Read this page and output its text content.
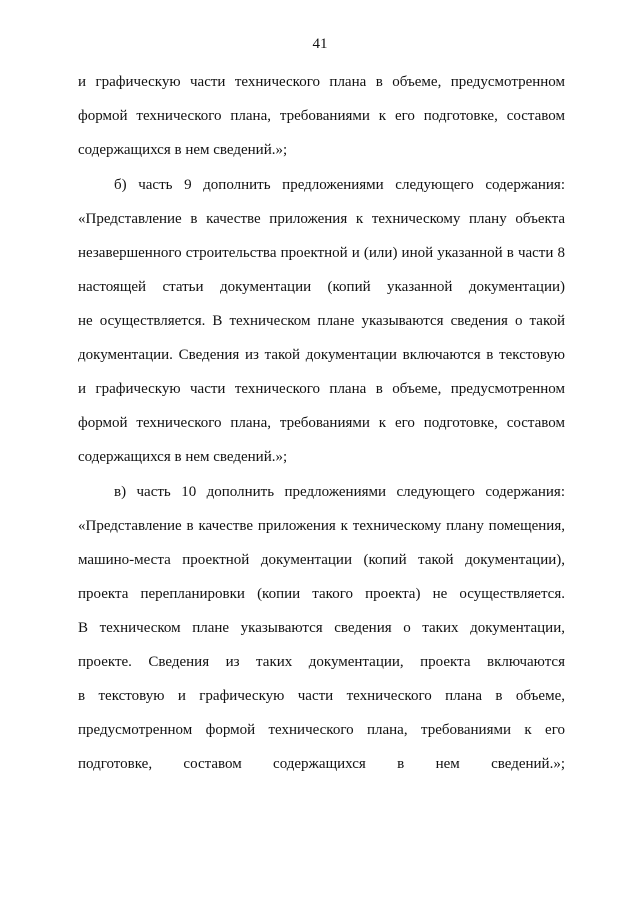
41
и графическую части технического плана в объеме, предусмотренном
формой технического плана, требованиями к его подготовке, составом
содержащихся в нем сведений.»;
б) часть 9 дополнить предложениями следующего содержания:
«Представление в качестве приложения к техническому плану объекта
незавершенного строительства проектной и (или) иной указанной в части 8
настоящей статьи документации (копий указанной документации)
не осуществляется. В техническом плане указываются сведения о такой
документации. Сведения из такой документации включаются в текстовую
и графическую части технического плана в объеме, предусмотренном
формой технического плана, требованиями к его подготовке, составом
содержащихся в нем сведений.»;
в) часть 10 дополнить предложениями следующего содержания:
«Представление в качестве приложения к техническому плану помещения,
машино-места проектной документации (копий такой документации),
проекта перепланировки (копии такого проекта) не осуществляется.
В техническом плане указываются сведения о таких документации,
проекте. Сведения из таких документации, проекта включаются
в текстовую и графическую части технического плана в объеме,
предусмотренном формой технического плана, требованиями к его
подготовке, составом содержащихся в нем сведений.»;
